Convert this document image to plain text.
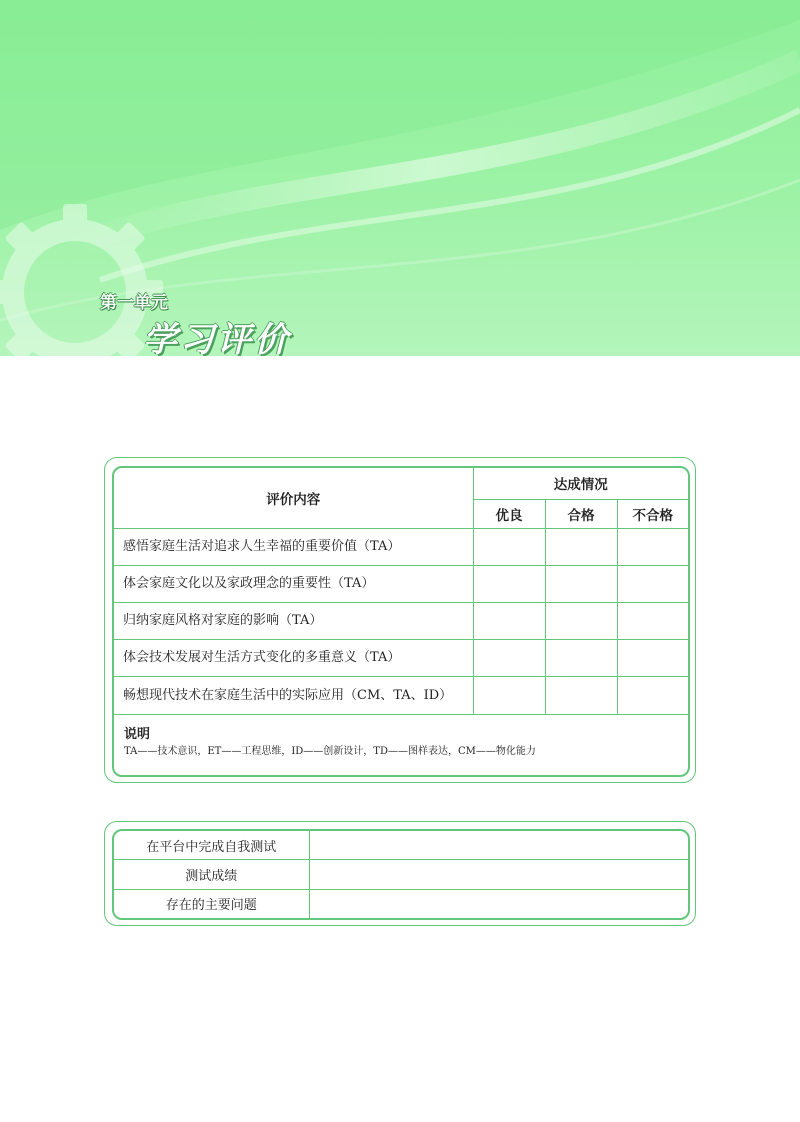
第一单元
学习评价
评价内容	达成情况		
	优良	合格	不合格
感悟家庭生活对追求人生幸福的重要价值（TA）			
体会家庭文化以及家政理念的重要性（TA）			
归纳家庭风格对家庭的影响（TA）			
体会技术发展对生活方式变化的多重意义（TA）			
畅想现代技术在家庭生活中的实际应用（CM、TA、ID）			

说明
TA——技术意识，ET——工程思维，ID——创新设计，TD——图样表达，CM——物化能力			
在平台中完成自我测试	
测试成绩	
存在的主要问题	
